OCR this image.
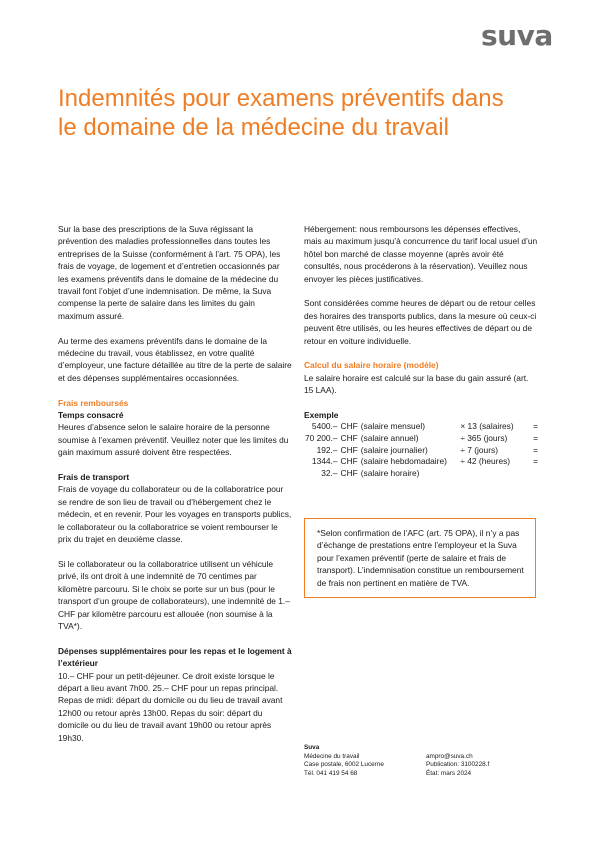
suva
Indemnités pour examens préventifs dans le domaine de la médecine du travail

Sur la base des prescriptions de la Suva régissant la prévention des maladies professionnelles dans toutes les entreprises de la Suisse (conformément à l’art. 75 OPA), les frais de voyage, de logement et d’entretien occasionnés par les examens préventifs dans le domaine de la médecine du travail font l’objet d’une indemnisation. De même, la Suva compense la perte de salaire dans les limites du gain maximum assuré.

Au terme des examens préventifs dans le domaine de la médecine du travail, vous établissez, en votre qualité d’employeur, une facture détaillée au titre de la perte de salaire et des dépenses supplémentaires occasionnées.

Frais remboursés
Temps consacré

Heures d’absence selon le salaire horaire de la personne soumise à l’examen préventif. Veuillez noter que les limites du gain maximum assuré doivent être respectées.

Frais de transport

Frais de voyage du collaborateur ou de la collaboratrice pour se rendre de son lieu de travail ou d’hébergement chez le médecin, et en revenir. Pour les voyages en transports publics, le collaborateur ou la collaboratrice se voient rembourser le prix du trajet en deuxième classe.

Si le collaborateur ou la collaboratrice utilisent un véhicule privé, ils ont droit à une indemnité de 70 centimes par kilomètre parcouru. Si le choix se porte sur un bus (pour le transport d’un groupe de collaborateurs), une indemnité de 1.– CHF par kilomètre parcouru est allouée (non soumise à la TVA*).

Dépenses supplémentaires pour les repas et le logement à l’extérieur

10.– CHF pour un petit-déjeuner. Ce droit existe lorsque le départ a lieu avant 7h00. 25.– CHF pour un repas principal. Repas de midi: départ du domicile ou du lieu de travail avant 12h00 ou retour après 13h00. Repas du soir: départ du domicile ou du lieu de travail avant 19h00 ou retour après 19h30.

Hébergement: nous remboursons les dépenses effectives, mais au maximum jusqu’à concurrence du tarif local usuel d’un hôtel bon marché de classe moyenne (après avoir été consultés, nous procéderons à la réservation). Veuillez nous envoyer les pièces justificatives.

Sont considérées comme heures de départ ou de retour celles des horaires des transports publics, dans la mesure où ceux-ci peuvent être utilisés, ou les heures effectives de départ ou de retour en voiture individuelle.

Calcul du salaire horaire (modèle)

Le salaire horaire est calculé sur la base du gain assuré (art. 15 LAA).

Exemple
5400.–	CHF	(salaire mensuel)	× 13 (salaires)	=
70 200.–	CHF	(salaire annuel)	÷ 365 (jours)	=
192.–	CHF	(salaire journalier)	÷ 7 (jours)	=
1344.–	CHF	(salaire hebdomadaire)	÷ 42 (heures)	=
32.–	CHF	(salaire horaire)		
*Selon confirmation de l’AFC (art. 75 OPA), il n’y a pas d’échange de prestations entre l’employeur et la Suva pour l’examen préventif (perte de salaire et frais de transport). L’indemnisation constitue un remboursement de frais non pertinent en matière de TVA.
Suva
Médecine du travail
Case postale, 6002 Lucerne
Tél. 041 419 54 68
ampro@suva.ch
Publication: 3100228.f
État: mars 2024
